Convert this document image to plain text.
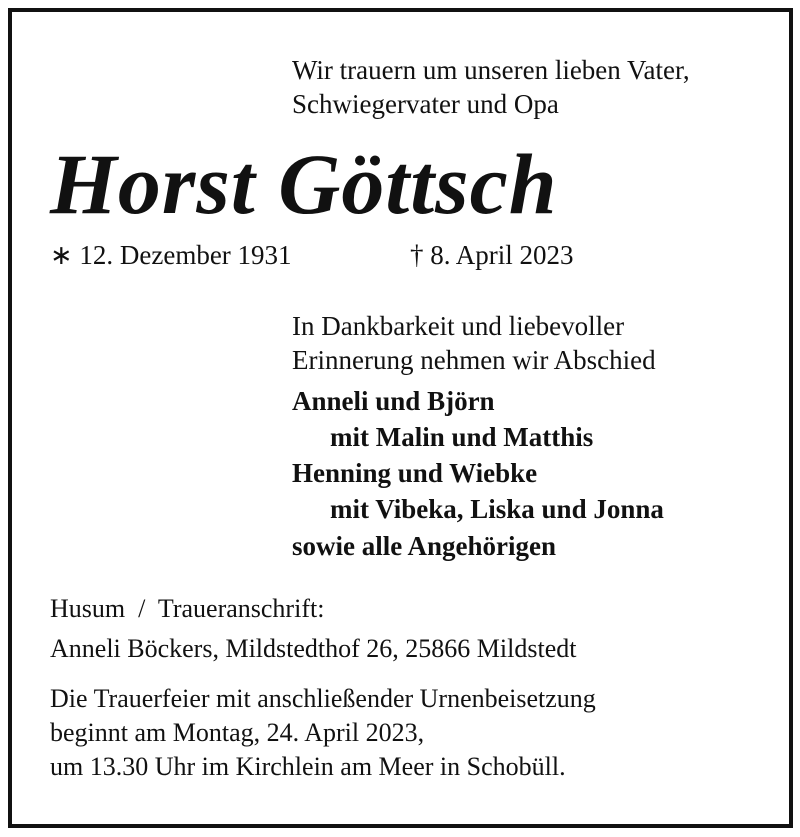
Wir trauern um unseren lieben Vater,
Schwiegervater und Opa
Horst Göttsch
∗ 12. Dezember 1931	† 8. April 2023
In Dankbarkeit und liebevoller
Erinnerung nehmen wir Abschied
Anneli und Björn
mit Malin und Matthis
Henning und Wiebke
mit Vibeka, Liska und Jonna
sowie alle Angehörigen
Husum  /  Traueranschrift:
Anneli Böckers, Mildstedthof 26, 25866 Mildstedt
Die Trauerfeier mit anschließender Urnenbeisetzung
beginnt am Montag, 24. April 2023,
um 13.30 Uhr im Kirchlein am Meer in Schobüll.
